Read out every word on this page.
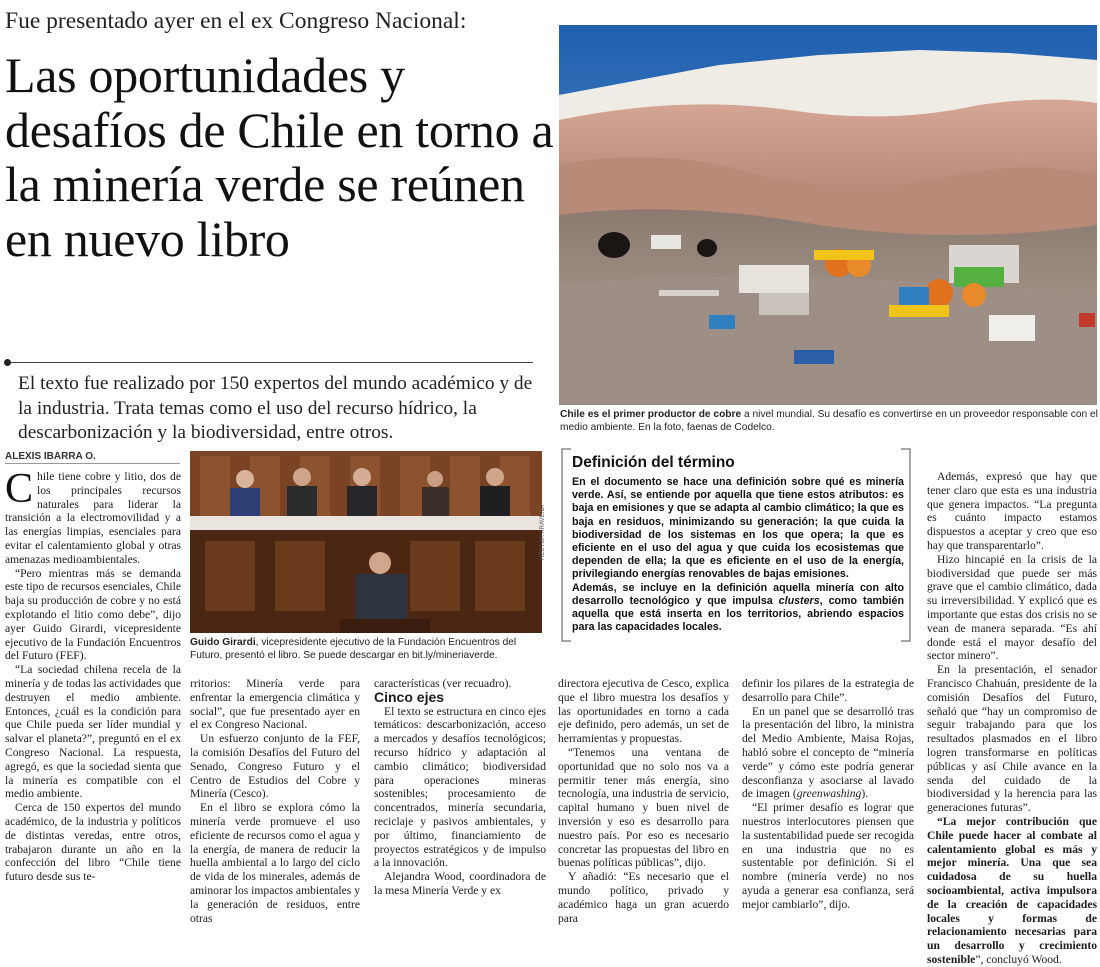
Fue presentado ayer en el ex Congreso Nacional:
Las oportunidades y desafíos de Chile en torno a la minería verde se reúnen en nuevo libro
El texto fue realizado por 150 expertos del mundo académico y de la industria. Trata temas como el uso del recurso hídrico, la descarbonización y la biodiversidad, entre otros.
Chile es el primer productor de cobre a nivel mundial. Su desafío es convertirse en un proveedor responsable con el medio ambiente. En la foto, faenas de Codelco.
ALEXIS IBARRA O.

Chile tiene cobre y litio, dos de los principales recursos naturales para liderar la transición a la electromovilidad y a las energías limpias, esenciales para evitar el calentamiento global y otras amenazas medioambientales.

“Pero mientras más se demanda este tipo de recursos esenciales, Chile baja su producción de cobre y no está explotando el litio como debe”, dijo ayer Guido Girardi, vicepresidente ejecutivo de la Fundación Encuentros del Futuro (FEF).

“La sociedad chilena recela de la minería y de todas las actividades que destruyen el medio ambiente. Entonces, ¿cuál es la condición para que Chile pueda ser líder mundial y salvar el planeta?”, preguntó en el ex Congreso Nacional. La respuesta, agregó, es que la sociedad sienta que la minería es compatible con el medio ambiente.

Cerca de 150 expertos del mundo académico, de la industria y políticos de distintas veredas, entre otros, trabajaron durante un año en la confección del libro “Chile tiene futuro desde sus te-

HÉCTOR ARAVENA
Guido Girardi, vicepresidente ejecutivo de la Fundación Encuentros del Futuro, presentó el libro. Se puede descargar en bit.ly/mineriaverde.
Definición del término

En el documento se hace una definición sobre qué es minería verde. Así, se entiende por aquella que tiene estos atributos: es baja en emisiones y que se adapta al cambio climático; la que es baja en residuos, minimizando su generación; la que cuida la biodiversidad de los sistemas en los que opera; la que es eficiente en el uso del agua y que cuida los ecosistemas que dependen de ella; la que es eficiente en el uso de la energía, privilegiando energías renovables de bajas emisiones.

Además, se incluye en la definición aquella minería con alto desarrollo tecnológico y que impulsa clusters, como también aquella que está inserta en los territorios, abriendo espacios para las capacidades locales.

rritorios: Minería verde para enfrentar la emergencia climática y social”, que fue presentado ayer en el ex Congreso Nacional.

Un esfuerzo conjunto de la FEF, la comisión Desafíos del Futuro del Senado, Congreso Futuro y el Centro de Estudios del Cobre y Minería (Cesco).

En el libro se explora cómo la minería verde promueve el uso eficiente de recursos como el agua y la energía, de manera de reducir la huella ambiental a lo largo del ciclo de vida de los minerales, además de aminorar los impactos ambientales y la generación de residuos, entre otras

características (ver recuadro).

Cinco ejes

El texto se estructura en cinco ejes temáticos: descarbonización, acceso a mercados y desafíos tecnológicos; recurso hídrico y adaptación al cambio climático; biodiversidad para operaciones mineras sostenibles; procesamiento de concentrados, minería secundaria, reciclaje y pasivos ambientales, y por último, financiamiento de proyectos estratégicos y de impulso a la innovación.

Alejandra Wood, coordinadora de la mesa Minería Verde y ex

directora ejecutiva de Cesco, explica que el libro muestra los desafíos y las oportunidades en torno a cada eje definido, pero además, un set de herramientas y propuestas.

“Tenemos una ventana de oportunidad que no solo nos va a permitir tener más energía, sino tecnología, una industria de servicio, capital humano y buen nivel de inversión y eso es desarrollo para nuestro país. Por eso es necesario concretar las propuestas del libro en buenas políticas públicas”, dijo.

Y añadió: “Es necesario que el mundo político, privado y académico haga un gran acuerdo para

definir los pilares de la estrategia de desarrollo para Chile”.

En un panel que se desarrolló tras la presentación del libro, la ministra del Medio Ambiente, Maisa Rojas, habló sobre el concepto de “minería verde” y cómo este podría generar desconfianza y asociarse al lavado de imagen (greenwashing).

“El primer desafío es lograr que nuestros interlocutores piensen que la sustentabilidad puede ser recogida en una industria que no es sustentable por definición. Si el nombre (minería verde) no nos ayuda a generar esa confianza, será mejor cambiarlo”, dijo.

Además, expresó que hay que tener claro que esta es una industria que genera impactos. “La pregunta es cuánto impacto estamos dispuestos a aceptar y creo que eso hay que transparentarlo”.

Hizo hincapié en la crisis de la biodiversidad que puede ser más grave que el cambio climático, dada su irreversibilidad. Y explicó que es importante que estas dos crisis no se vean de manera separada. “Es ahí donde está el mayor desafío del sector minero”.

En la presentación, el senador Francisco Chahuán, presidente de la comisión Desafíos del Futuro, señaló que “hay un compromiso de seguir trabajando para que los resultados plasmados en el libro logren transformarse en políticas públicas y así Chile avance en la senda del cuidado de la biodiversidad y la herencia para las generaciones futuras”.

“La mejor contribución que Chile puede hacer al combate al calentamiento global es más y mejor minería. Una que sea cuidadosa de su huella socioambiental, activa impulsora de la creación de capacidades locales y formas de relacionamiento necesarias para un desarrollo y crecimiento sostenible”, concluyó Wood.
